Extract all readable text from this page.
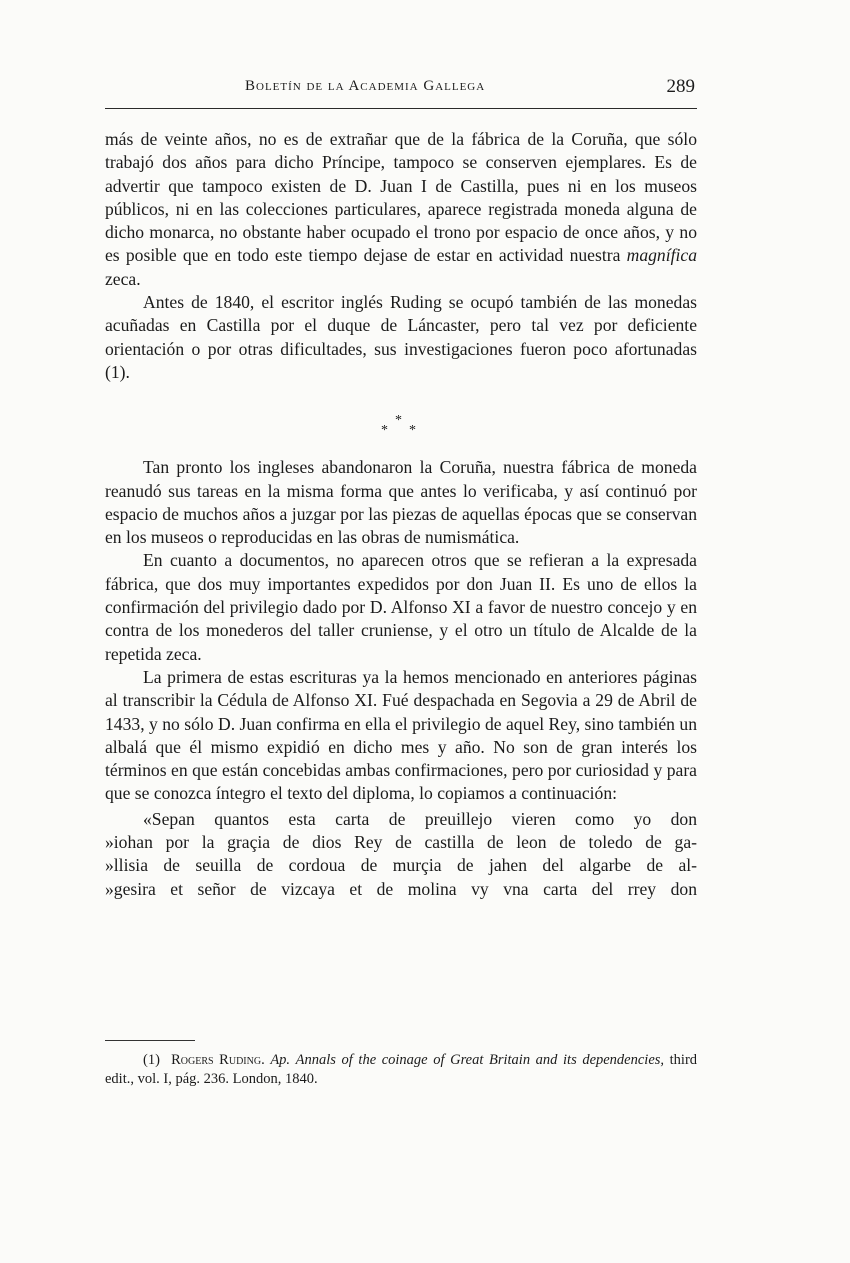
Boletín de la Academia Gallega	289

más de veinte años, no es de extrañar que de la fábrica de la Coruña, que sólo trabajó dos años para dicho Príncipe, tampoco se conserven ejemplares. Es de advertir que tampoco existen de D. Juan I de Castilla, pues ni en los museos públicos, ni en las colecciones particulares, aparece registrada moneda alguna de dicho monarca, no obstante haber ocupado el trono por espacio de once años, y no es posible que en todo este tiempo dejase de estar en actividad nuestra magnífica zeca.

Antes de 1840, el escritor inglés Ruding se ocupó también de las monedas acuñadas en Castilla por el duque de Láncaster, pero tal vez por deficiente orientación o por otras dificultades, sus investigaciones fueron poco afortunadas (1).

*
* *

Tan pronto los ingleses abandonaron la Coruña, nuestra fábrica de moneda reanudó sus tareas en la misma forma que antes lo verificaba, y así continuó por espacio de muchos años a juzgar por las piezas de aquellas épocas que se conservan en los museos o reproducidas en las obras de numismática.

En cuanto a documentos, no aparecen otros que se refieran a la expresada fábrica, que dos muy importantes expedidos por don Juan II. Es uno de ellos la confirmación del privilegio dado por D. Alfonso XI a favor de nuestro concejo y en contra de los monederos del taller cruniense, y el otro un título de Alcalde de la repetida zeca.

La primera de estas escrituras ya la hemos mencionado en anteriores páginas al transcribir la Cédula de Alfonso XI. Fué despachada en Segovia a 29 de Abril de 1433, y no sólo D. Juan confirma en ella el privilegio de aquel Rey, sino también un albalá que él mismo expidió en dicho mes y año. No son de gran interés los términos en que están concebidas ambas confirmaciones, pero por curiosidad y para que se conozca íntegro el texto del diploma, lo copiamos a continuación:

«Sepan quantos esta carta de preuillejo vieren como yo don
»iohan por la graçia de dios Rey de castilla de leon de toledo de ga-
»llisia de seuilla de cordoua de murçia de jahen del algarbe de al-
»gesira et señor de vizcaya et de molina vy vna carta del rrey don

(1) Rogers Ruding. Ap. Annals of the coinage of Great Britain and its dependencies, third edit., vol. I, pág. 236. London, 1840.
